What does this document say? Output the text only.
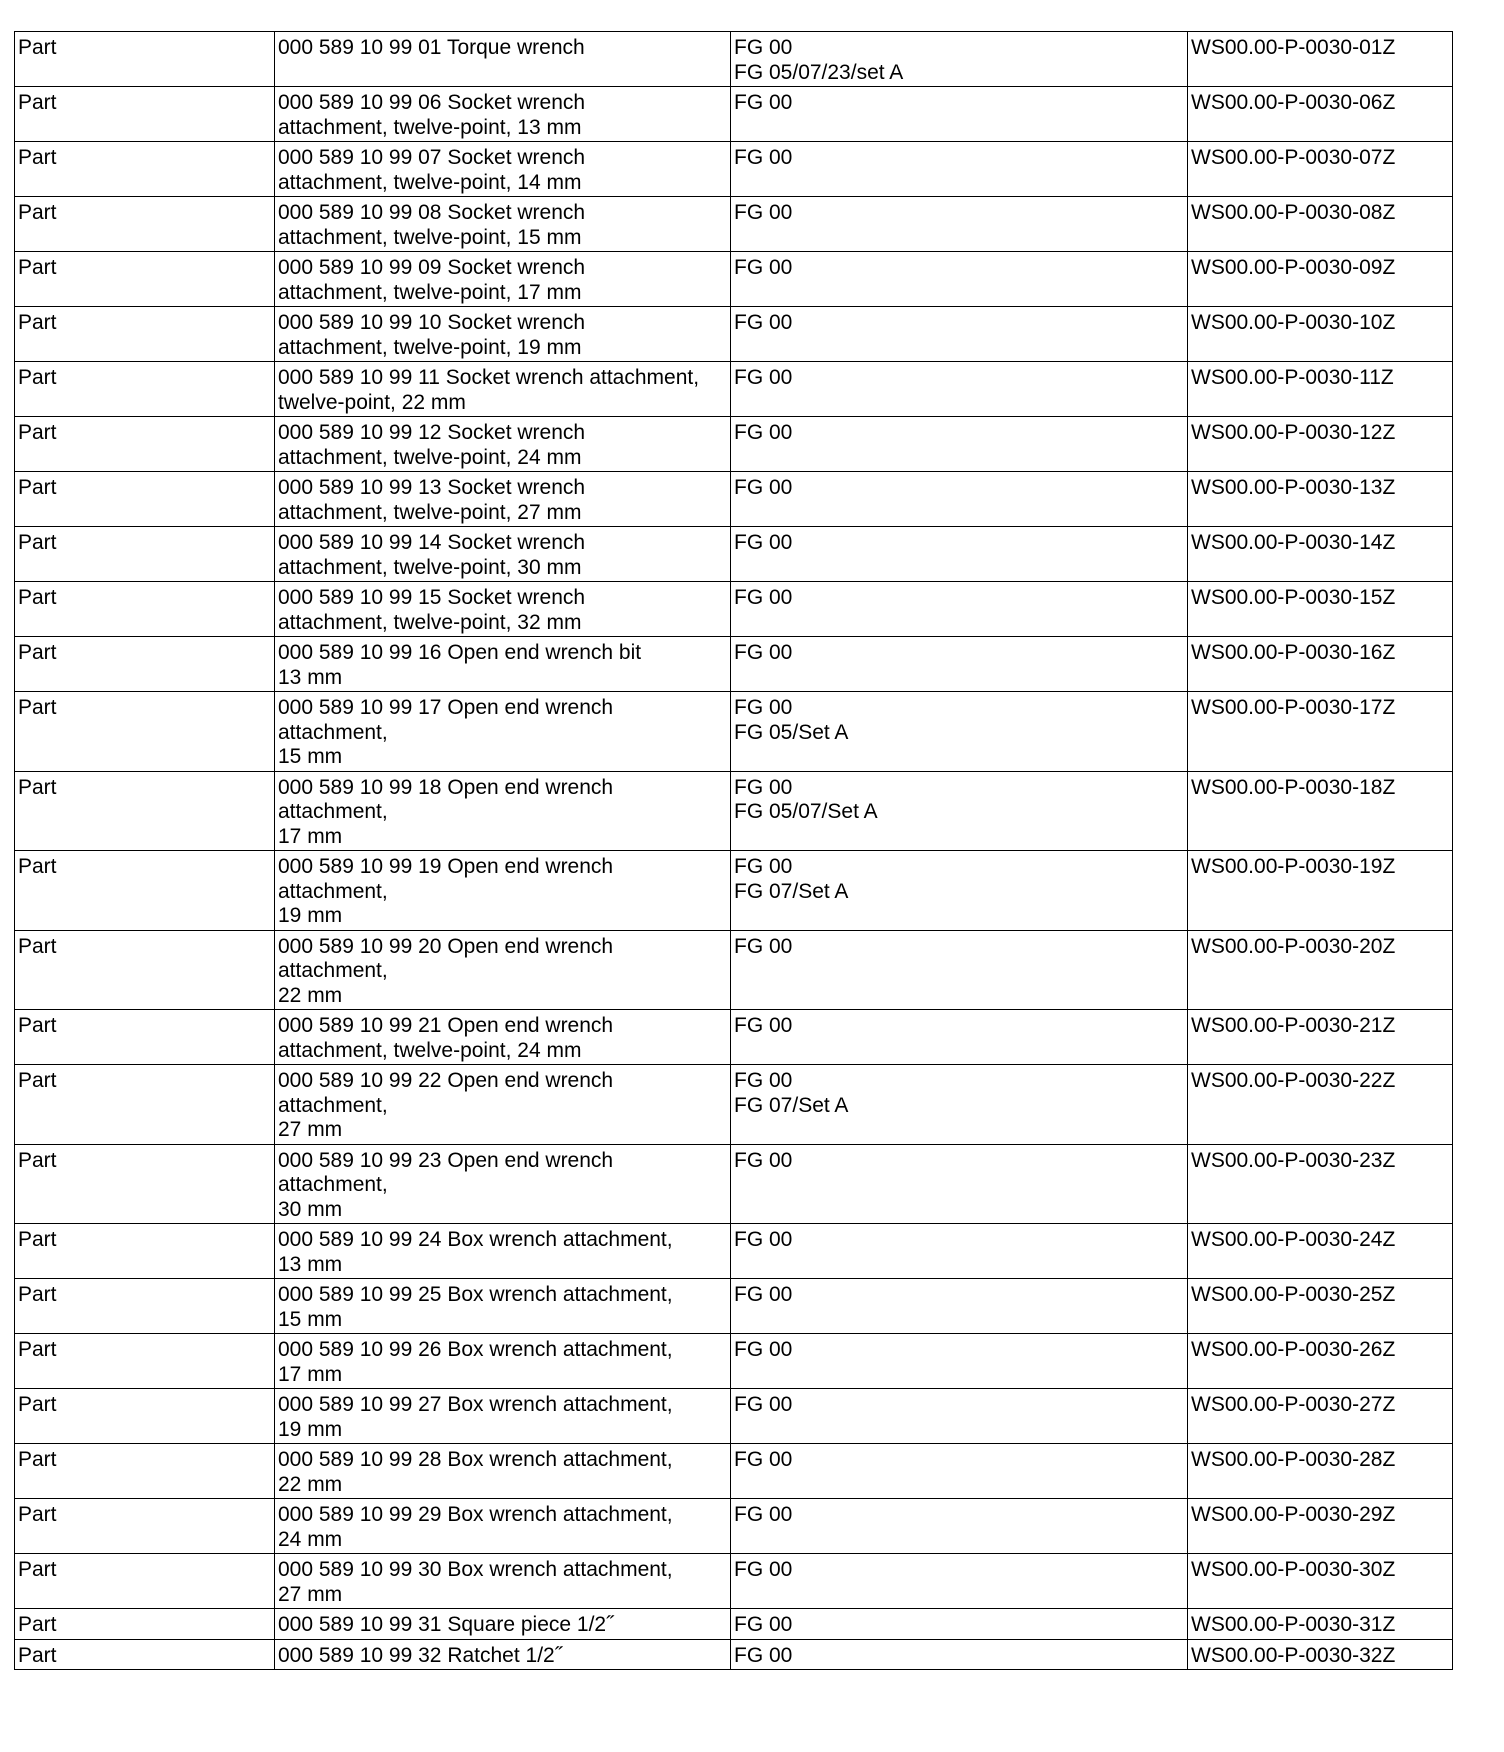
Part	000 589 10 99 01 Torque wrench	FG 00
FG 05/07/23/set A	WS00.00-P-0030-01Z
Part	000 589 10 99 06 Socket wrench
attachment, twelve-point, 13 mm	FG 00	WS00.00-P-0030-06Z
Part	000 589 10 99 07 Socket wrench
attachment, twelve-point, 14 mm	FG 00	WS00.00-P-0030-07Z
Part	000 589 10 99 08 Socket wrench
attachment, twelve-point, 15 mm	FG 00	WS00.00-P-0030-08Z
Part	000 589 10 99 09 Socket wrench
attachment, twelve-point, 17 mm	FG 00	WS00.00-P-0030-09Z
Part	000 589 10 99 10 Socket wrench
attachment, twelve-point, 19 mm	FG 00	WS00.00-P-0030-10Z
Part	000 589 10 99 11 Socket wrench attachment,
twelve-point, 22 mm	FG 00	WS00.00-P-0030-11Z
Part	000 589 10 99 12 Socket wrench
attachment, twelve-point, 24 mm	FG 00	WS00.00-P-0030-12Z
Part	000 589 10 99 13 Socket wrench
attachment, twelve-point, 27 mm	FG 00	WS00.00-P-0030-13Z
Part	000 589 10 99 14 Socket wrench
attachment, twelve-point, 30 mm	FG 00	WS00.00-P-0030-14Z
Part	000 589 10 99 15 Socket wrench
attachment, twelve-point, 32 mm	FG 00	WS00.00-P-0030-15Z
Part	000 589 10 99 16 Open end wrench bit
13 mm	FG 00	WS00.00-P-0030-16Z
Part	000 589 10 99 17 Open end wrench
attachment,
15 mm	FG 00
FG 05/Set A	WS00.00-P-0030-17Z
Part	000 589 10 99 18 Open end wrench
attachment,
17 mm	FG 00
FG 05/07/Set A	WS00.00-P-0030-18Z
Part	000 589 10 99 19 Open end wrench
attachment,
19 mm	FG 00
FG 07/Set A	WS00.00-P-0030-19Z
Part	000 589 10 99 20 Open end wrench
attachment,
22 mm	FG 00	WS00.00-P-0030-20Z
Part	000 589 10 99 21 Open end wrench
attachment, twelve-point, 24 mm	FG 00	WS00.00-P-0030-21Z
Part	000 589 10 99 22 Open end wrench
attachment,
27 mm	FG 00
FG 07/Set A	WS00.00-P-0030-22Z
Part	000 589 10 99 23 Open end wrench
attachment,
30 mm	FG 00	WS00.00-P-0030-23Z
Part	000 589 10 99 24 Box wrench attachment,
13 mm	FG 00	WS00.00-P-0030-24Z
Part	000 589 10 99 25 Box wrench attachment,
15 mm	FG 00	WS00.00-P-0030-25Z
Part	000 589 10 99 26 Box wrench attachment,
17 mm	FG 00	WS00.00-P-0030-26Z
Part	000 589 10 99 27 Box wrench attachment,
19 mm	FG 00	WS00.00-P-0030-27Z
Part	000 589 10 99 28 Box wrench attachment,
22 mm	FG 00	WS00.00-P-0030-28Z
Part	000 589 10 99 29 Box wrench attachment,
24 mm	FG 00	WS00.00-P-0030-29Z
Part	000 589 10 99 30 Box wrench attachment,
27 mm	FG 00	WS00.00-P-0030-30Z
Part	000 589 10 99 31 Square piece 1/2˝	FG 00	WS00.00-P-0030-31Z
Part	000 589 10 99 32 Ratchet 1/2˝	FG 00	WS00.00-P-0030-32Z
